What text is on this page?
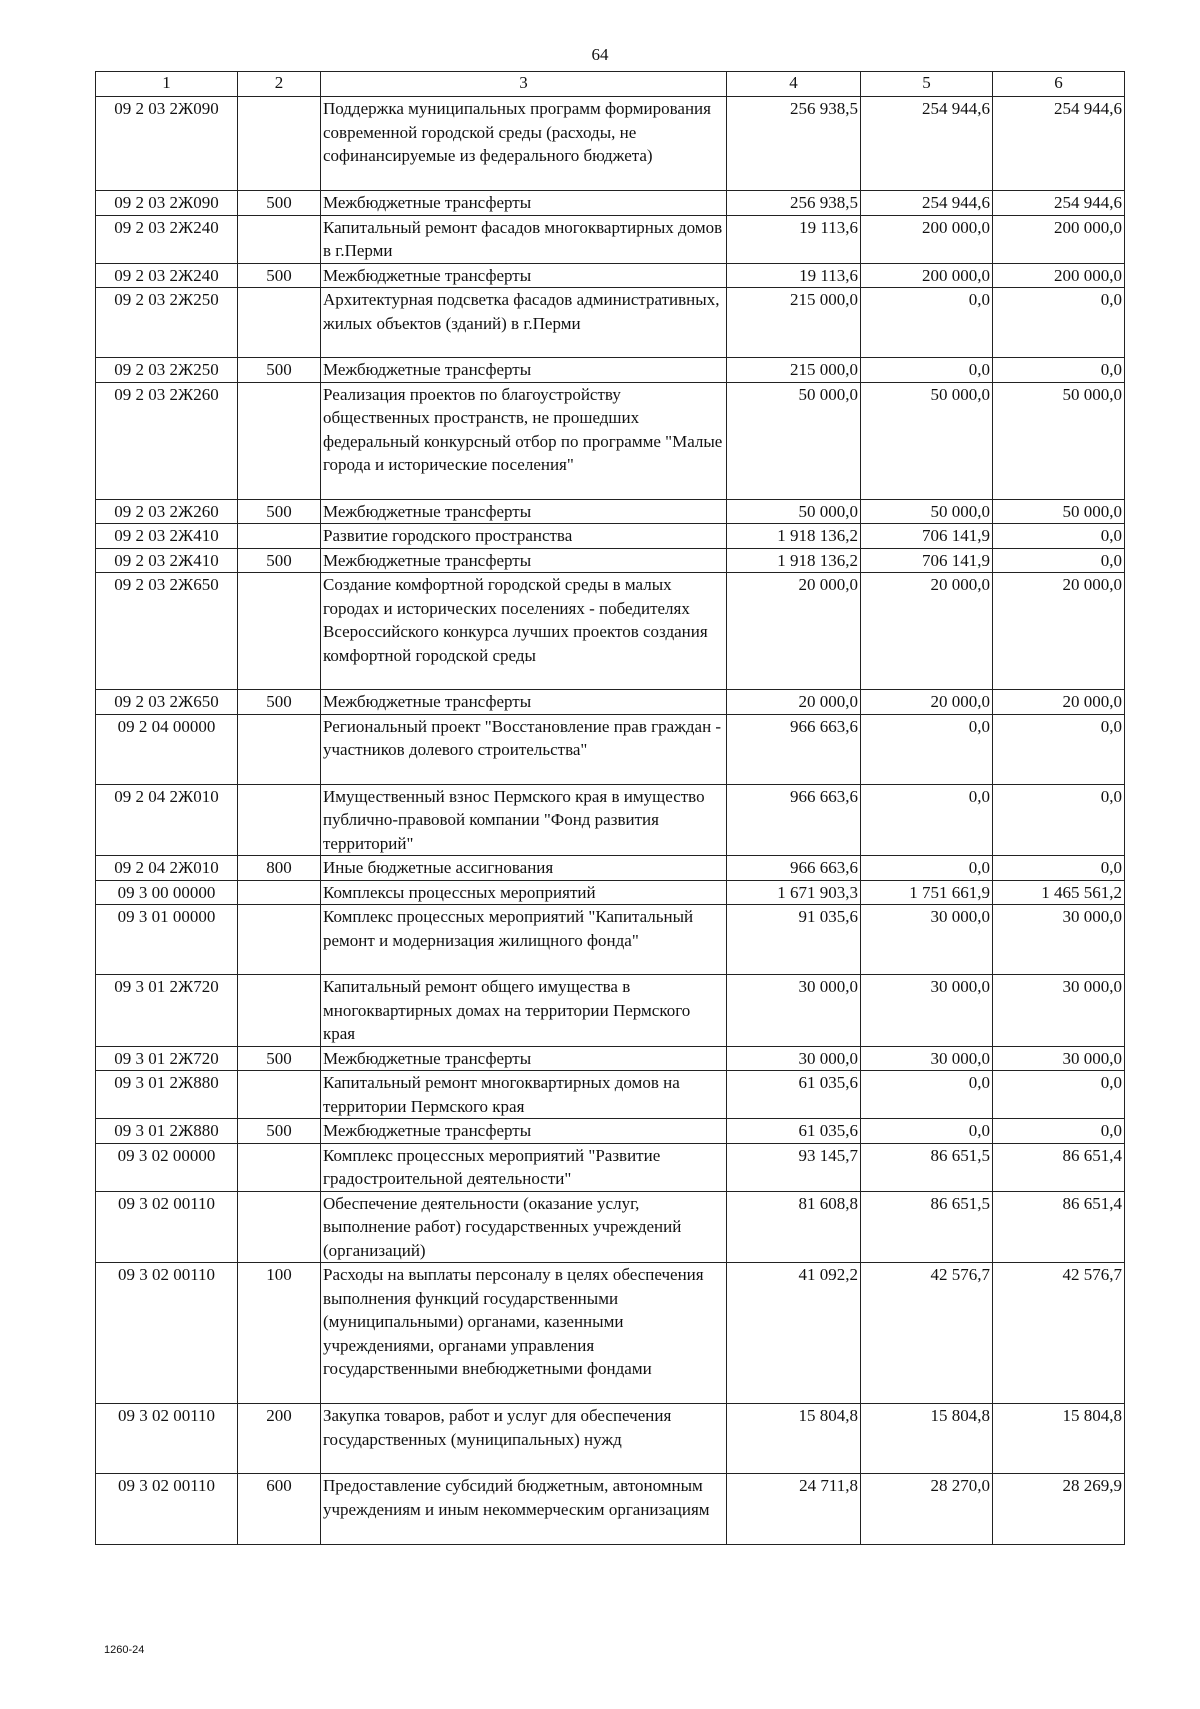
64
1	2	3	4	5	6
09 2 03 2Ж090		Поддержка муниципальных программ формирования современной городской среды (расходы, не софинансируемые из федерального бюджета)	256 938,5	254 944,6	254 944,6
09 2 03 2Ж090	500	Межбюджетные трансферты	256 938,5	254 944,6	254 944,6
09 2 03 2Ж240		Капитальный ремонт фасадов многоквартирных домов в г.Перми	19 113,6	200 000,0	200 000,0
09 2 03 2Ж240	500	Межбюджетные трансферты	19 113,6	200 000,0	200 000,0
09 2 03 2Ж250		Архитектурная подсветка фасадов административных, жилых объектов (зданий) в г.Перми	215 000,0	0,0	0,0
09 2 03 2Ж250	500	Межбюджетные трансферты	215 000,0	0,0	0,0
09 2 03 2Ж260		Реализация проектов по благоустройству общественных пространств, не прошедших федеральный конкурсный отбор по программе "Малые города и исторические поселения"	50 000,0	50 000,0	50 000,0
09 2 03 2Ж260	500	Межбюджетные трансферты	50 000,0	50 000,0	50 000,0
09 2 03 2Ж410		Развитие городского пространства	1 918 136,2	706 141,9	0,0
09 2 03 2Ж410	500	Межбюджетные трансферты	1 918 136,2	706 141,9	0,0
09 2 03 2Ж650		Создание комфортной городской среды в малых городах и исторических поселениях - победителях Всероссийского конкурса лучших проектов создания комфортной городской среды	20 000,0	20 000,0	20 000,0
09 2 03 2Ж650	500	Межбюджетные трансферты	20 000,0	20 000,0	20 000,0
09 2 04 00000		Региональный проект "Восстановление прав граждан - участников долевого строительства"	966 663,6	0,0	0,0
09 2 04 2Ж010		Имущественный взнос Пермского края в имущество публично-правовой компании "Фонд развития территорий"	966 663,6	0,0	0,0
09 2 04 2Ж010	800	Иные бюджетные ассигнования	966 663,6	0,0	0,0
09 3 00 00000		Комплексы процессных мероприятий	1 671 903,3	1 751 661,9	1 465 561,2
09 3 01 00000		Комплекс процессных мероприятий "Капитальный ремонт и модернизация жилищного фонда"	91 035,6	30 000,0	30 000,0
09 3 01 2Ж720		Капитальный ремонт общего имущества в многоквартирных домах на территории Пермского края	30 000,0	30 000,0	30 000,0
09 3 01 2Ж720	500	Межбюджетные трансферты	30 000,0	30 000,0	30 000,0
09 3 01 2Ж880		Капитальный ремонт многоквартирных домов на территории Пермского края	61 035,6	0,0	0,0
09 3 01 2Ж880	500	Межбюджетные трансферты	61 035,6	0,0	0,0
09 3 02 00000		Комплекс процессных мероприятий "Развитие градостроительной деятельности"	93 145,7	86 651,5	86 651,4
09 3 02 00110		Обеспечение деятельности (оказание услуг, выполнение работ) государственных учреждений (организаций)	81 608,8	86 651,5	86 651,4
09 3 02 00110	100	Расходы на выплаты персоналу в целях обеспечения выполнения функций государственными (муниципальными) органами, казенными учреждениями, органами управления государственными внебюджетными фондами	41 092,2	42 576,7	42 576,7
09 3 02 00110	200	Закупка товаров, работ и услуг для обеспечения государственных (муниципальных) нужд	15 804,8	15 804,8	15 804,8
09 3 02 00110	600	Предоставление субсидий бюджетным, автономным учреждениям и иным некоммерческим организациям	24 711,8	28 270,0	28 269,9
1260-24
